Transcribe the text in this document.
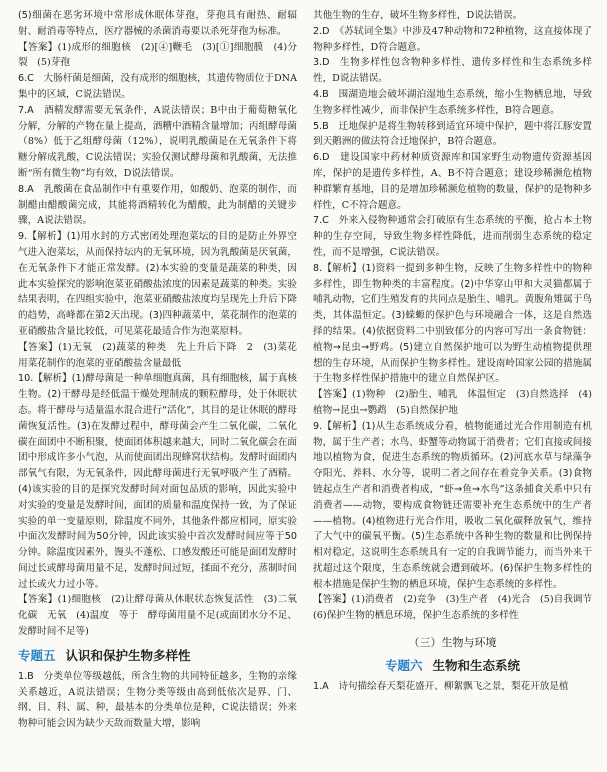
(5)细菌在恶劣环境中常形成休眠体芽孢，芽孢具有耐热、耐辐射、耐消毒等特点，医疗器械的杀菌消毒要以杀死芽孢为标准。

【答案】(1)成形的细胞核　(2)[④]鞭毛　(3)[①]细胞膜　(4)分裂　(5)芽孢

6.C　 大肠杆菌是细菌，没有成形的细胞核，其遗传物质位于DNA集中的区域，C说法错误。

7.A　 酒精发酵需要无氧条件，A说法错误；B中由于葡萄糖氧化分解，分解的产物在量上提高，酒糟中酒精含量增加；丙组酵母菌（8%）低于乙组酵母菌（12%），说明乳酸菌是在无氧条件下将糖分解成乳酸，C说法错误；实验仅测试酵母菌和乳酸菌，无法推断“所有微生物”均有效，D说法错误。

8.A　 乳酸菌在食品制作中有重要作用，如酸奶、泡菜的制作，而制醋由醋酸菌完成，其能将酒精转化为醋酸，此为制醋的关键步骤，A说法错误。

9.【解析】(1)用水封的方式密闭处理泡菜坛的目的是防止外界空气进入泡菜坛，从而保持坛内的无氧环境，因为乳酸菌是厌氧菌，在无氧条件下才能正常发酵。(2)本实验的变量是蔬菜的种类，因此本实验探究的影响泡菜亚硝酸盐浓度的因素是蔬菜的种类。实验结果表明，在四组实验中，泡菜亚硝酸盐浓度均呈现先上升后下降的趋势，高峰都在第2天出现。(3)四种蔬菜中，菜花制作的泡菜的亚硝酸盐含量比较低，可见菜花最适合作为泡菜原料。

【答案】(1)无氧　(2)蔬菜的种类　先上升后下降　2　(3)菜花　用菜花制作的泡菜的亚硝酸盐含量最低

10.【解析】(1)酵母菌是一种单细胞真菌，具有细胞核，属于真核生物。(2)干酵母是经低温干燥处理制成的颗粒酵母，处于休眠状态。将干酵母与适量温水混合进行“活化”，其目的是让休眠的酵母菌恢复活性。(3)在发酵过程中，酵母菌会产生二氧化碳，二氧化碳在面团中不断积聚，使面团体积越来越大，同时二氧化碳会在面团中形成许多小气泡，从而使面团出现蜂窝状结构。发酵时面团内部氧气有限，为无氧条件，因此酵母菌进行无氧呼吸产生了酒精。(4)该实验的目的是探究发酵时间对面包品质的影响，因此实验中对实验的变量是发酵时间，面团的质量和温度保持一致，为了保证实验的单一变量原则，除温度不同外，其他条件都应相同，原实验中面次发酵时间为50分钟，因此该实验中首次发酵时间应等于50分钟。除温度因素外，馒头不蓬松、口感发酸还可能是面团发酵时间过长或酵母菌用量不足，发酵时间过短，揉面不充分，蒸制时间过长或火力过小等。

【答案】(1)细胞核　(2)让酵母菌从休眠状态恢复活性　(3)二氧化碳　无氧　(4)温度　等于　酵母菌用量不足(或面团水分不足、发酵时间不足等)

专题五 认识和保护生物多样性

1.B　 分类单位等级越低，所含生物的共同特征越多，生物的亲缘关系越近，A说法错误；生物分类等级由高到低依次是界、门、纲、目、科、属、种，最基本的分类单位是种，C说法错误；外来物种可能会因为缺少天敌而数量大增，影响

其他生物的生存，破坏生物多样性，D说法错误。

2.D　 《苏轼词全集》中涉及47种动物和72种植物，这直接体现了物种多样性，D符合题意。

3.D　 生物多样性包含物种多样性、遗传多样性和生态系统多样性，D说法错误。

4.B　 围湖造地会破坏湖泊湿地生态系统，缩小生物栖息地，导致生物多样性减少，而非保护生态系统多样性，B符合题意。

5.B　 迁地保护是将生物转移到适宜环境中保护，题中将江豚安置到天鹅洲的做法符合迁地保护，B符合题意。

6.D　 建设国家中药材种质资源库和国家野生动物遗传资源基因库，保护的是遗传多样性，A、B不符合题意；建设珍稀濒危植物种群繁育基地，目的是增加珍稀濒危植物的数量，保护的是物种多样性，C不符合题意。

7.C　 外来入侵物种通常会打破原有生态系统的平衡，抢占本土物种的生存空间，导致生物多样性降低，进而削弱生态系统的稳定性，而不是增强，C说法错误。

8.【解析】(1)资料一提到多种生物，反映了生物多样性中的物种多样性，即生物种类的丰富程度。(2)中华穿山甲和大灵猫都属于哺乳动物，它们生殖发育的共同点是胎生、哺乳。黄腹角雉属于鸟类，其体温恒定。(3)蝾螈的保护色与环境融合一体，这是自然选择的结果。(4)依据资料二中别致郁分的内容可写出一条食物链：植物→昆虫→野鸡。(5)建立自然保护地可以为野生动植物提供理想的生存环境，从而保护生物多样性。建设南岭国家公园的措施属于生物多样性保护措施中的建立自然保护区。

【答案】(1)物种　(2)胎生、哺乳　体温恒定　(3)自然选择　(4)植物→昆虫→鹦鹉　(5)自然保护地

9.【解析】(1)从生态系统成分看，植物能通过光合作用制造有机物，属于生产者；水鸟、虾蟹等动物属于消费者；它们直接或间接地以植物为食，促进生态系统的物质循环。(2)河底水草与绿藻争夺阳光、养料、水分等，说明二者之间存在着竞争关系。(3)食物链起点生产者和消费者构成，“虾→鱼→水鸟”这条捕食关系中只有消费者——动物，要构成食物链还需要补充生态系统中的生产者——植物。(4)植物进行光合作用，吸收二氧化碳释放氧气，维持了大气中的碳氧平衡。(5)生态系统中各种生物的数量和比例保持相对稳定，这说明生态系统具有一定的自我调节能力，而当外来干扰超过这个限度，生态系统就会遭到破坏。(6)保护生物多样性的根本措施是保护生物的栖息环境，保护生态系统的多样性。

【答案】(1)消费者　(2)竞争　(3)生产者　(4)光合　(5)自我调节　(6)保护生物的栖息环境，保护生态系统的多样性

（三）生物与环境
专题六 生物和生态系统

1.A　 诗句描绘春天梨花盛开、柳絮飘飞之景，梨花开放是植
